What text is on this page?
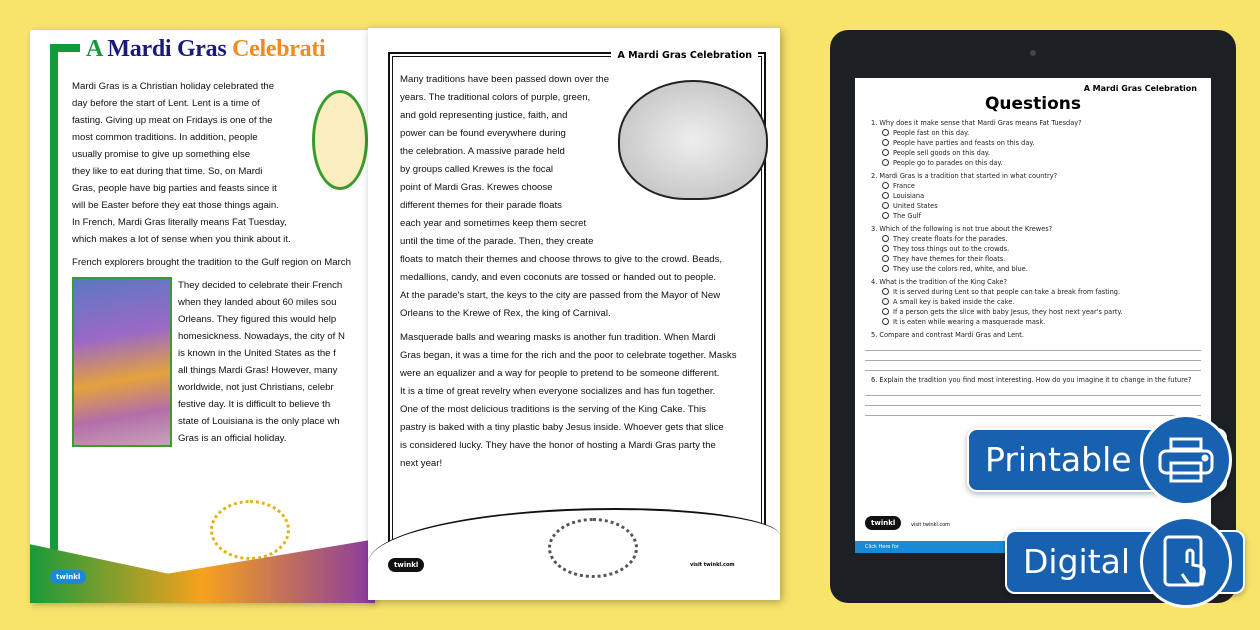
A Mardi Gras Celebrati
Mardi Gras is a Christian holiday celebrated the
day before the start of Lent. Lent is a time of
fasting. Giving up meat on Fridays is one of the
most common traditions. In addition, people
usually promise to give up something else
they like to eat during that time. So, on Mardi
Gras, people have big parties and feasts since it
will be Easter before they eat those things again.
In French, Mardi Gras literally means Fat Tuesday,
which makes a lot of sense when you think about it.
French explorers brought the tradition to the Gulf region on March
They decided to celebrate their French
when they landed about 60 miles sou
Orleans. They figured this would help
homesickness. Nowadays, the city of N
is known in the United States as the f
all things Mardi Gras! However, many
worldwide, not just Christians, celebr
festive day. It is difficult to believe th
state of Louisiana is the only place wh
Gras is an official holiday.
twinkl
A Mardi Gras Celebration
Many traditions have been passed down over the
years. The traditional colors of purple, green,
and gold representing justice, faith, and
power can be found everywhere during
the celebration. A massive parade held
by groups called Krewes is the focal
point of Mardi Gras. Krewes choose
different themes for their parade floats
each year and sometimes keep them secret
until the time of the parade. Then, they create
floats to match their themes and choose throws to give to the crowd. Beads,
medallions, candy, and even coconuts are tossed or handed out to people.
At the parade's start, the keys to the city are passed from the Mayor of New
Orleans to the Krewe of Rex, the king of Carnival.
Masquerade balls and wearing masks is another fun tradition. When Mardi
Gras began, it was a time for the rich and the poor to celebrate together. Masks
were an equalizer and a way for people to pretend to be someone different.
It is a time of great revelry when everyone socializes and has fun together.
One of the most delicious traditions is the serving of the King Cake. This
pastry is baked with a tiny plastic baby Jesus inside. Whoever gets that slice
is considered lucky. They have the honor of hosting a Mardi Gras party the
next year!
twinkl	visit twinkl.com
A Mardi Gras Celebration
Questions
1. Why does it make sense that Mardi Gras means Fat Tuesday?
People fast on this day.
People have parties and feasts on this day.
People sell goods on this day.
People go to parades on this day.
2. Mardi Gras is a tradition that started in what country?
France
Louisiana
United States
The Gulf
3. Which of the following is not true about the Krewes?
They create floats for the parades.
They toss things out to the crowds.
They have themes for their floats.
They use the colors red, white, and blue.
4. What is the tradition of the King Cake?
It is served during Lent so that people can take a break from fasting.
A small key is baked inside the cake.
If a person gets the slice with baby Jesus, they host next year's party.
It is eaten while wearing a masquerade mask.
5. Compare and contrast Mardi Gras and Lent.
6. Explain the tradition you find most interesting. How do you imagine it to change in the future?
twinkl	visit twinkl.com
Click Here for
Printable
Digital
